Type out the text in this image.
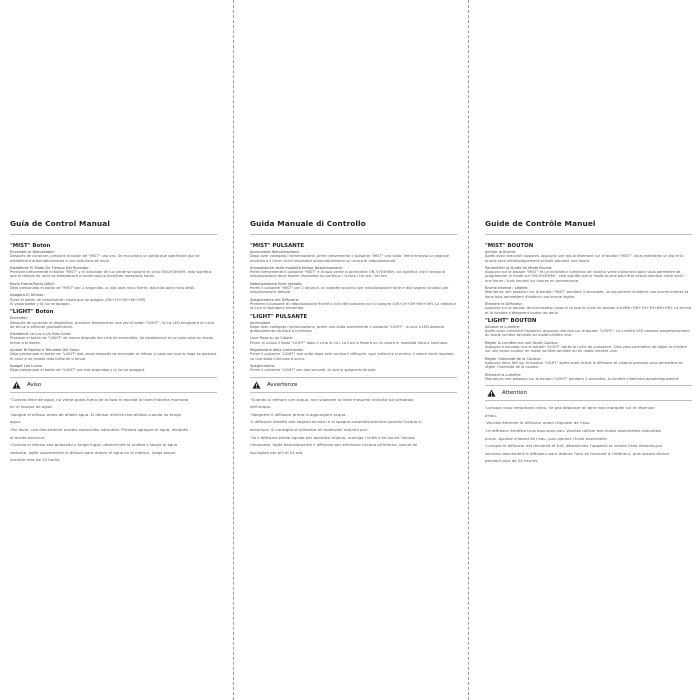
Guía de Control Manual
"MIST" Botón
Encender el Nebulizador:
Después de conectar, presione el botón de "MIST" una vez. Se escuchará un pitido que significará que se establecerá automáticamente a una sola hora de rocío.
Establecer El Modo De Tiempo Del Rociador:
Presione brevemente el botón "MIST" y el indicador de luz verde se pondrá en ciclo ON/1H/3H/6H, esto significa que el tiempo de rocío se establecerá a continua/una hora/tres horas/seis horas.
Rocío Fuerte/Rocío Débil:
Deje presionado el botón de "MIST" por 2 segundos, un bip para rocío fuerte, dos bips para rocío débil.
Apagará El Difusor:
Pulse el botón de nebulización hasta que se apague (ON+1H+3H+6H+Off).
El vaporizador y la luz se apagan.
"LIGHT" Botón
Encender:
Después de conectar el dispositivo, presione brevemente una vez el botón "LIGHT", la luz LED empezará un ciclo de tenue a brillante gradualmente.
Establecer La Luz a Un Solo Color:
Presione el botón de "LIGHT" de nuevo después del ciclo de encendido. Se establecerá en un solo color en modo tenue a brillante.
Ajustar Brillantez o Tenuidad Del Color:
Deje presionado el botón de "LIGHT" dos veces después de encender el difusor y cada vez que lo haga se ajustará el color a un estado más brillante o tenue.
Apagar Las Luces:
Deje presionado el botón de "LIGHT" por dos segundos y la luz se apagará.
Aviso
·Cuando llene de agua, no vierta gotas fuera de la taza ni exceda la línea máxima marcada
en el tanque de agua.
·Apague el difusor antes de añadir agua. El difusor emitirá tres pitidos cuando no tenga
agua.
·Por favor, use únicamente aceites esenciales naturales. Primero agregue el agua, después
el aceite esencial.
·Cuando el difusor sea golpeado y tenga fugas, desenchufe la unidad y saque el agua
restante, agite suavemente el difusor para drenar el agua en el interior, luego seque
durante más de 24 horas.
Guida Manuale di Controllo
"MIST" PULSANTE
Accensione Nebulizzazione:
Dopo aver collegato l'alimentazione, premi brevemente il pulsante "MIST" una volta. Verrà emesso un segnale acustico e il timer verrà impostato automaticamente su un'ora di nebulizzazione.
Impostazione della modalità tempo Nebulizzazione:
Premi brevemente il pulsante "MIST" e la spia verde si accenderà ON /1H/3H/6H, ciò significa che il tempo di nebulizzazione deve essere impostato su continuo / un'ora / tre ore / sei ore.
Nebulizzazione forte /debole:
Premi il pulsante "MIST" per 2 secondi, un segnale acustico per nebulizzazione forte e due segnali acustici per nebulizzazione debole.
Spegnimento del Diffusore:
Premere il pulsante di nebulizzazione finché il ciclo del pulsante non si spegne (ON+1H+3H+6H+Off). La nebbia e la luce si spengono entrambe.
"LIGHT" PULSANTE
Accensione
Dopo aver collegato l'alimentazione, premi una volta brevemente il pulsante "LIGHT", la luce a LED passerà gradualmente da fioca a luminosa.
Luce Fissa su un Colore:
Premi di nuovo il tasto "LIGHT" dopo il ciclo di luci. La luce si fisserà su un colore in modalità fioca o luminosa.
Regolazione della Luminosità:
Premi il pulsante "LIGHT" due volte dopo aver acceso il diffusore, ogni volta che si preme, il colore verrà regolato su uno stato luminoso o scuro.
Spegnimento:
Premi il pulsante "LIGHT" per due secondi, la luce si spegnerà da sola.
Avvertenze
·Quando si riempie con acqua, non superare la linea massima indicata sul serbatoio
dell'acqua.
·Spegnere il diffusore prima di aggiungere acqua.
·Il diffusore emette due segnali acustici e si spegne automaticamente quando l'acqua si
esaurisce. Si consiglia di utilizzare oli essenziali naturali puri.
·Se il diffusore perde liquido per qualsiasi motivo, scollega l'unità e fai uscire l'acqua
rimanente. Agita delicatamente il diffusore per eliminare l'acqua all'interno, quindi fai
asciugare per più di 24 ore.
Guide de Contrôle Manuel
"MIST" BOUTON
Activer la Brume:
Après avoir branché l'appareil, appuyez une fois brièvement sur le bouton "MIST". Vous entendrez un bip et la brume sera automatiquement activée pendant une heure.
Paramétrer la Durée du Mode Brume:
Appuyez sur le bouton "MIST" et un indicateur lumineux de couleur verte s'allumera pour vous permettre de programmer le mode sur ON/1H/3H/6H ; cela signifie que le mode brume peut être activé pendant notre actif / une heure / trois heures/ six heures en permanence.
Brume Intense / Légère:
Maintenez une pression sur le bouton "MIST" pendant 2 secondes, un bip permet d'obtenir une brume intense et deux bips permettent d'obtenir une brume légère.
Éteindre le Diffuseur:
Appuyez sur le bouton de brumisation jusqu'à ce que le cycle du bouton s'arrête (ON+1H+3H+6H+Off). La brume et la lumière s'éteignent toutes les deux.
"LIGHT" BOUTON
Allumer la Lumière:
Après avoir connecté l'appareil, appuyez une fois sur le bouton "LIGHT". La lumière LED passera progressivement du mode lumière tamisée au mode lumière vive.
Régler la Lumière sur une Seule Couleur:
Appuyez à nouveau sur le bouton "LIGHT" après le cycle de puissance. Cela vous permettra de régler la lumière sur une seule couleur en mode lumière tamisée ou en mode lumière vive.
Régler l'Intensité de la Couleur:
Appuyez deux fois sur le bouton "LIGHT" après avoir activé le diffuseur et chaque pression vous permettra de régler l'intensité de la couleur.
Éteindre la Lumière:
Maintenez une pression sur le bouton "LIGHT" pendant 2 secondes, la lumière s'éteindra automatiquement.
Attention
·Lorsque vous remplissez d'eau, ne pas dépasser la ligne max marquée sur le réservoir
d'eau.
·Veuillez éteindre le diffuseur avant d'ajouter de l'eau.
·Le diffuseur émettra trois bips sans eau. Veuillez utiliser des huiles essentielles naturelles
pures. Ajoutez d'abord de l'eau, puis ajoutez l'huile essentielle.
·Lorsque le diffuseur est renversé et fuit, débranchez l'appareil et versez l'eau restante,pur
secouez doucement le diffuseur pour drainer l'eau se trouvant à l'intérieur, puis laissez sécher
pendant plus de 24 heures.
